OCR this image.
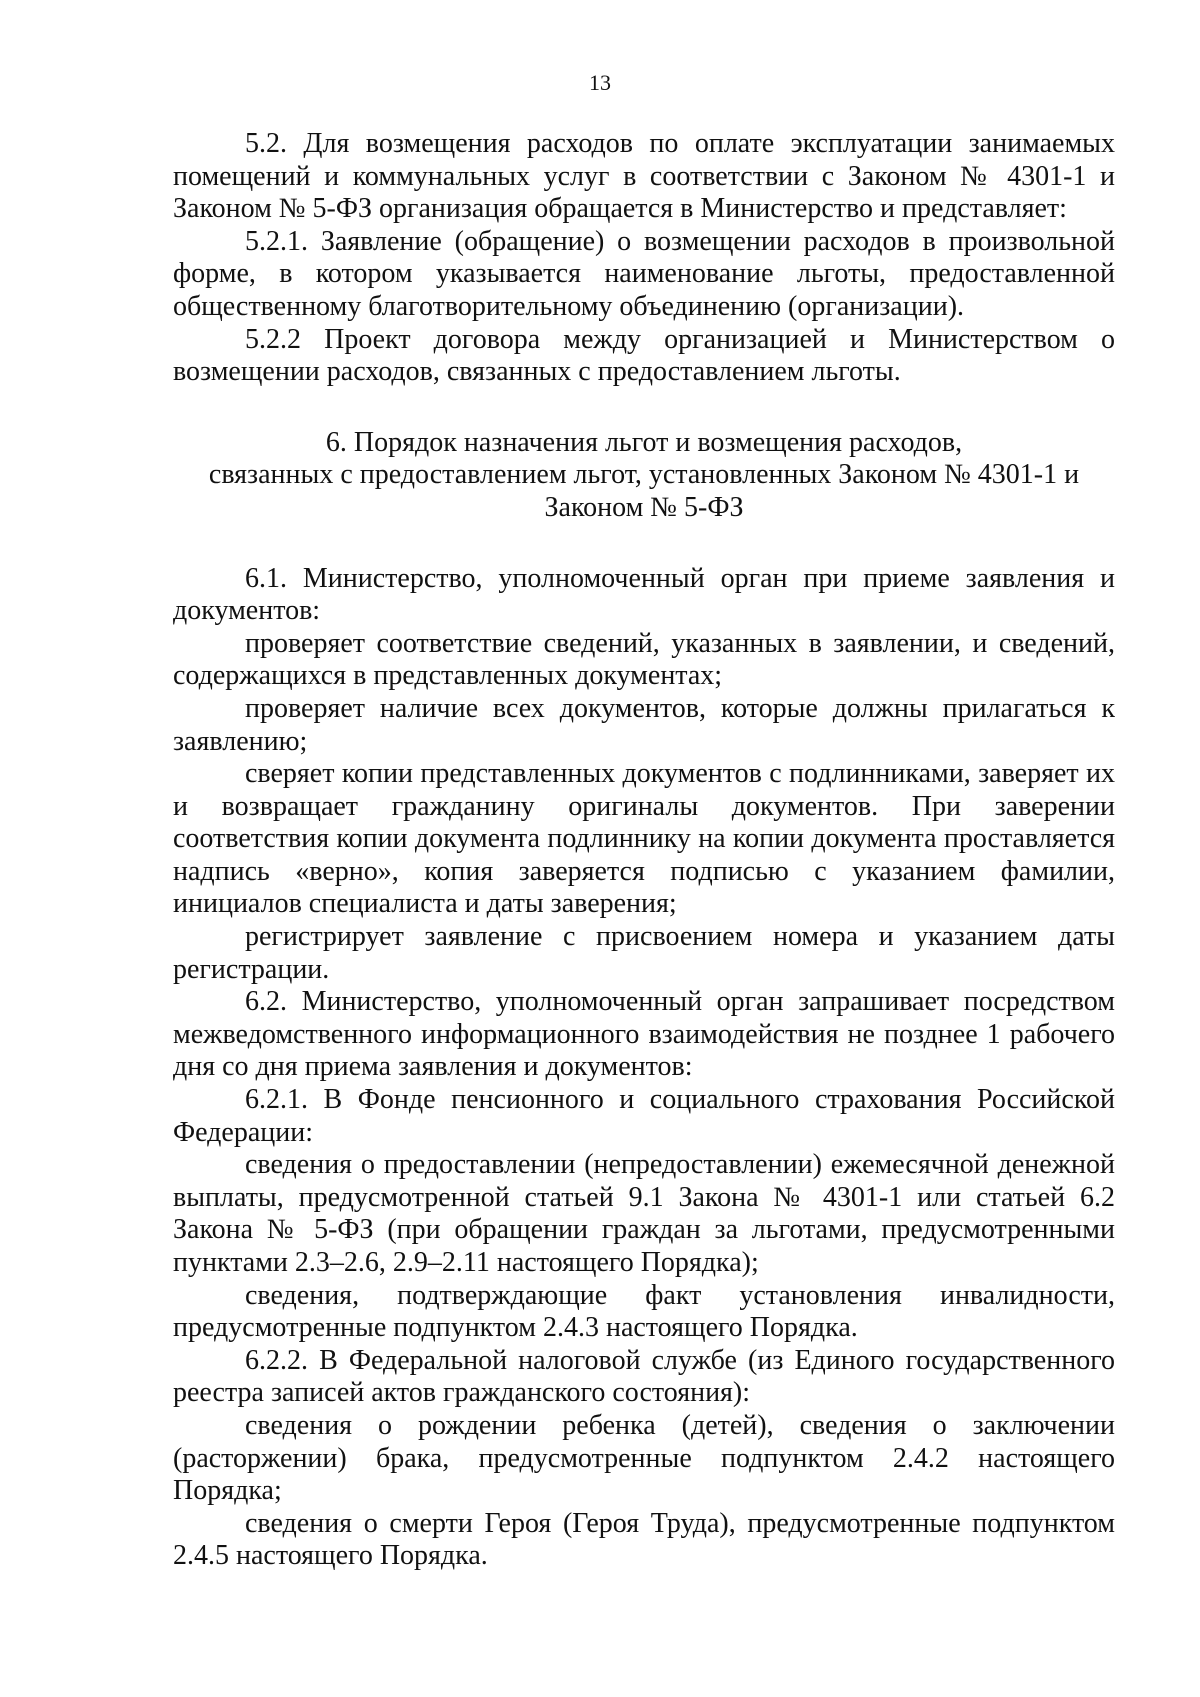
13

5.2. Для возмещения расходов по оплате эксплуатации занимаемых помещений и коммунальных услуг в соответствии с Законом № 4301-1 и Законом № 5-ФЗ организация обращается в Министерство и представляет:

5.2.1. Заявление (обращение) о возмещении расходов в произвольной форме, в котором указывается наименование льготы, предоставленной общественному благотворительному объединению (организации).

5.2.2 Проект договора между организацией и Министерством о возмещении расходов, связанных с предоставлением льготы.

6. Порядок назначения льгот и возмещения расходов,
связанных с предоставлением льгот, установленных Законом № 4301-1 и
Законом № 5-ФЗ

6.1. Министерство, уполномоченный орган при приеме заявления и документов:

проверяет соответствие сведений, указанных в заявлении, и сведений, содержащихся в представленных документах;

проверяет наличие всех документов, которые должны прилагаться к заявлению;

сверяет копии представленных документов с подлинниками, заверяет их и возвращает гражданину оригиналы документов. При заверении соответствия копии документа подлиннику на копии документа проставляется надпись «верно», копия заверяется подписью с указанием фамилии, инициалов специалиста и даты заверения;

регистрирует заявление с присвоением номера и указанием даты регистрации.

6.2. Министерство, уполномоченный орган запрашивает посредством межведомственного информационного взаимодействия не позднее 1 рабочего дня со дня приема заявления и документов:

6.2.1. В Фонде пенсионного и социального страхования Российской Федерации:

сведения о предоставлении (непредоставлении) ежемесячной денежной выплаты, предусмотренной статьей 9.1 Закона № 4301-1 или статьей 6.2 Закона № 5-ФЗ (при обращении граждан за льготами, предусмотренными пунктами 2.3–2.6, 2.9–2.11 настоящего Порядка);

сведения, подтверждающие факт установления инвалидности, предусмотренные подпунктом 2.4.3 настоящего Порядка.

6.2.2. В Федеральной налоговой службе (из Единого государственного реестра записей актов гражданского состояния):

сведения о рождении ребенка (детей), сведения о заключении (расторжении) брака, предусмотренные подпунктом 2.4.2 настоящего Порядка;

сведения о смерти Героя (Героя Труда), предусмотренные подпунктом 2.4.5 настоящего Порядка.
